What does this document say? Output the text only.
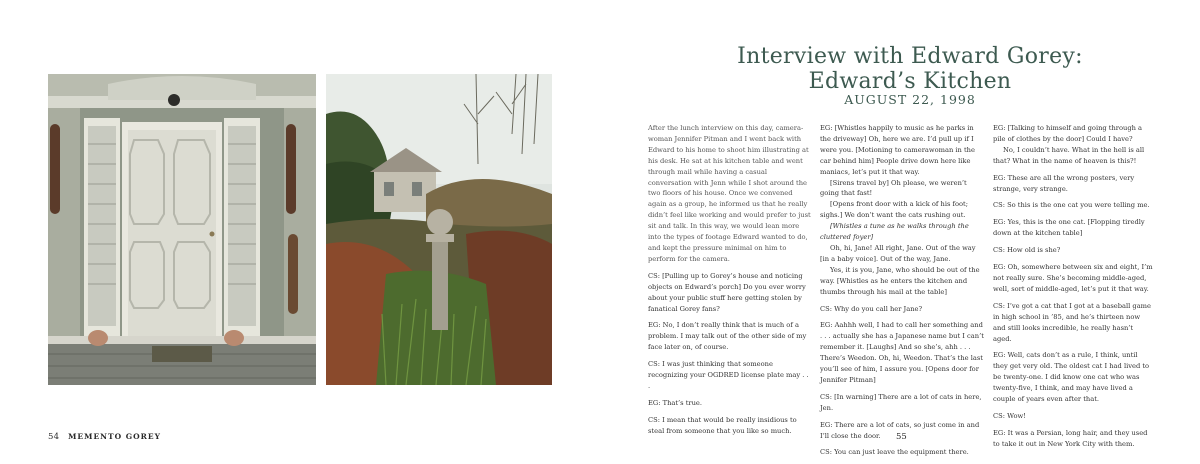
54 MEMENTO GOREY	55
Interview with Edward Gorey:
Edward’s Kitchen
AUGUST 22, 1998

After the lunch interview on this day, camera-woman Jennifer Pitman and I went back with Edward to his home to shoot him illustrating at his desk. He sat at his kitchen table and went through mail while having a casual conversation with Jenn while I shot around the two floors of his house. Once we convened again as a group, he informed us that he really didn’t feel like working and would prefer to just sit and talk. In this way, we would lean more into the types of footage Edward wanted to do, and kept the pressure minimal on him to perform for the camera.

CS: [Pulling up to Gorey’s house and noticing objects on Edward’s porch] Do you ever worry about your public stuff here getting stolen by fanatical Gorey fans?

EG: No, I don’t really think that is much of a problem. I may talk out of the other side of my face later on, of course.

CS: I was just thinking that someone recognizing your OGDRED license plate may . . .

EG: That’s true.

CS: I mean that would be really insidious to steal from someone that you like so much.

EG: [Whistles happily to music as he parks in the driveway] Oh, here we are. I’d pull up if I were you. [Motioning to camerawoman in the car behind him] People drive down here like maniacs, let’s put it that way.

[Sirens travel by] Oh please, we weren’t going that fast!

[Opens front door with a kick of his foot; sighs.] We don’t want the cats rushing out.

[Whistles a tune as he walks through the cluttered foyer]

Oh, hi, Jane! All right, Jane. Out of the way [in a baby voice]. Out of the way, Jane.

Yes, it is you, Jane, who should be out of the way. [Whistles as he enters the kitchen and thumbs through his mail at the table]

CS: Why do you call her Jane?

EG: Aahhh well, I had to call her something and . . . actually she has a Japanese name but I can’t remember it. [Laughs] And so she’s, ahh . . . There’s Weedon. Oh, hi, Weedon. That’s the last you’ll see of him, I assure you. [Opens door for Jennifer Pitman]

CS: [In warning] There are a lot of cats in here, Jen.

EG: There are a lot of cats, so just come in and I’ll close the door.

CS: You can just leave the equipment there.

EG: [Talking to himself and going through a pile of clothes by the door] Could I have?

No, I couldn’t have. What in the hell is all that? What in the name of heaven is this?!

EG: These are all the wrong posters, very strange, very strange.

CS: So this is the one cat you were telling me.

EG: Yes, this is the one cat. [Flopping tiredly down at the kitchen table]

CS: How old is she?

EG: Oh, somewhere between six and eight, I’m not really sure. She’s becoming middle-aged, well, sort of middle-aged, let’s put it that way.

CS: I’ve got a cat that I got at a baseball game in high school in ’85, and he’s thirteen now and still looks incredible, he really hasn’t aged.

EG: Well, cats don’t as a rule, I think, until they get very old. The oldest cat I had lived to be twenty-one. I did know one cat who was twenty-five, I think, and may have lived a couple of years even after that.

CS: Wow!

EG: It was a Persian, long hair, and they used to take it out in New York City with them.
